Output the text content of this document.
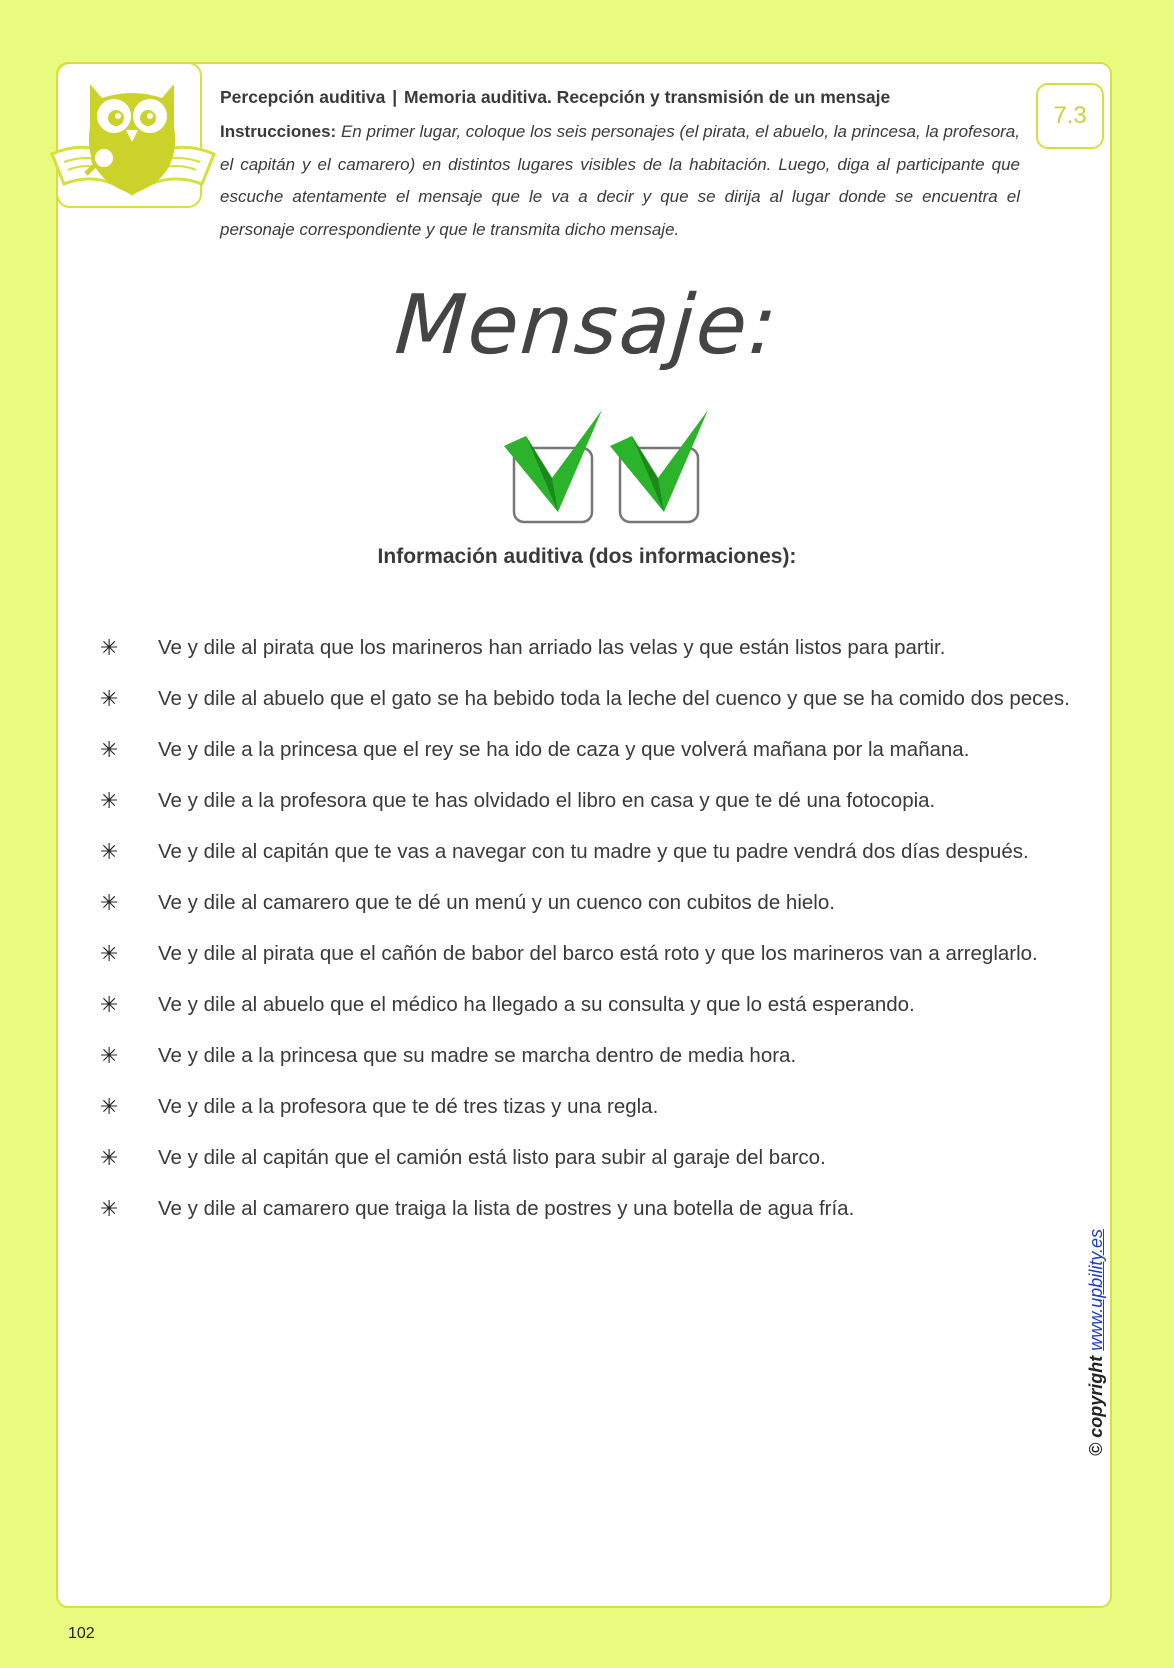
Percepción auditiva | Memoria auditiva. Recepción y transmisión de un mensaje

Instrucciones: En primer lugar, coloque los seis personajes (el pirata, el abuelo, la princesa, la profesora, el capitán y el camarero) en distintos lugares visibles de la habitación. Luego, diga al participante que escuche atentamente el mensaje que le va a decir y que se dirija al lugar donde se encuentra el personaje correspondiente y que le transmita dicho mensaje.

7.3
Mensaje:
Información auditiva (dos informaciones):
✳ Ve y dile al pirata que los marineros han arriado las velas y que están listos para partir.
✳ Ve y dile al abuelo que el gato se ha bebido toda la leche del cuenco y que se ha comido dos peces.
✳ Ve y dile a la princesa que el rey se ha ido de caza y que volverá mañana por la mañana.
✳ Ve y dile a la profesora que te has olvidado el libro en casa y que te dé una fotocopia.
✳ Ve y dile al capitán que te vas a navegar con tu madre y que tu padre vendrá dos días después.
✳ Ve y dile al camarero que te dé un menú y un cuenco con cubitos de hielo.
✳ Ve y dile al pirata que el cañón de babor del barco está roto y que los marineros van a arreglarlo.
✳ Ve y dile al abuelo que el médico ha llegado a su consulta y que lo está esperando.
✳ Ve y dile a la princesa que su madre se marcha dentro de media hora.
✳ Ve y dile a la profesora que te dé tres tizas y una regla.
✳ Ve y dile al capitán que el camión está listo para subir al garaje del barco.
✳ Ve y dile al camarero que traiga la lista de postres y una botella de agua fría.
© copyright www.upbility.es
102
